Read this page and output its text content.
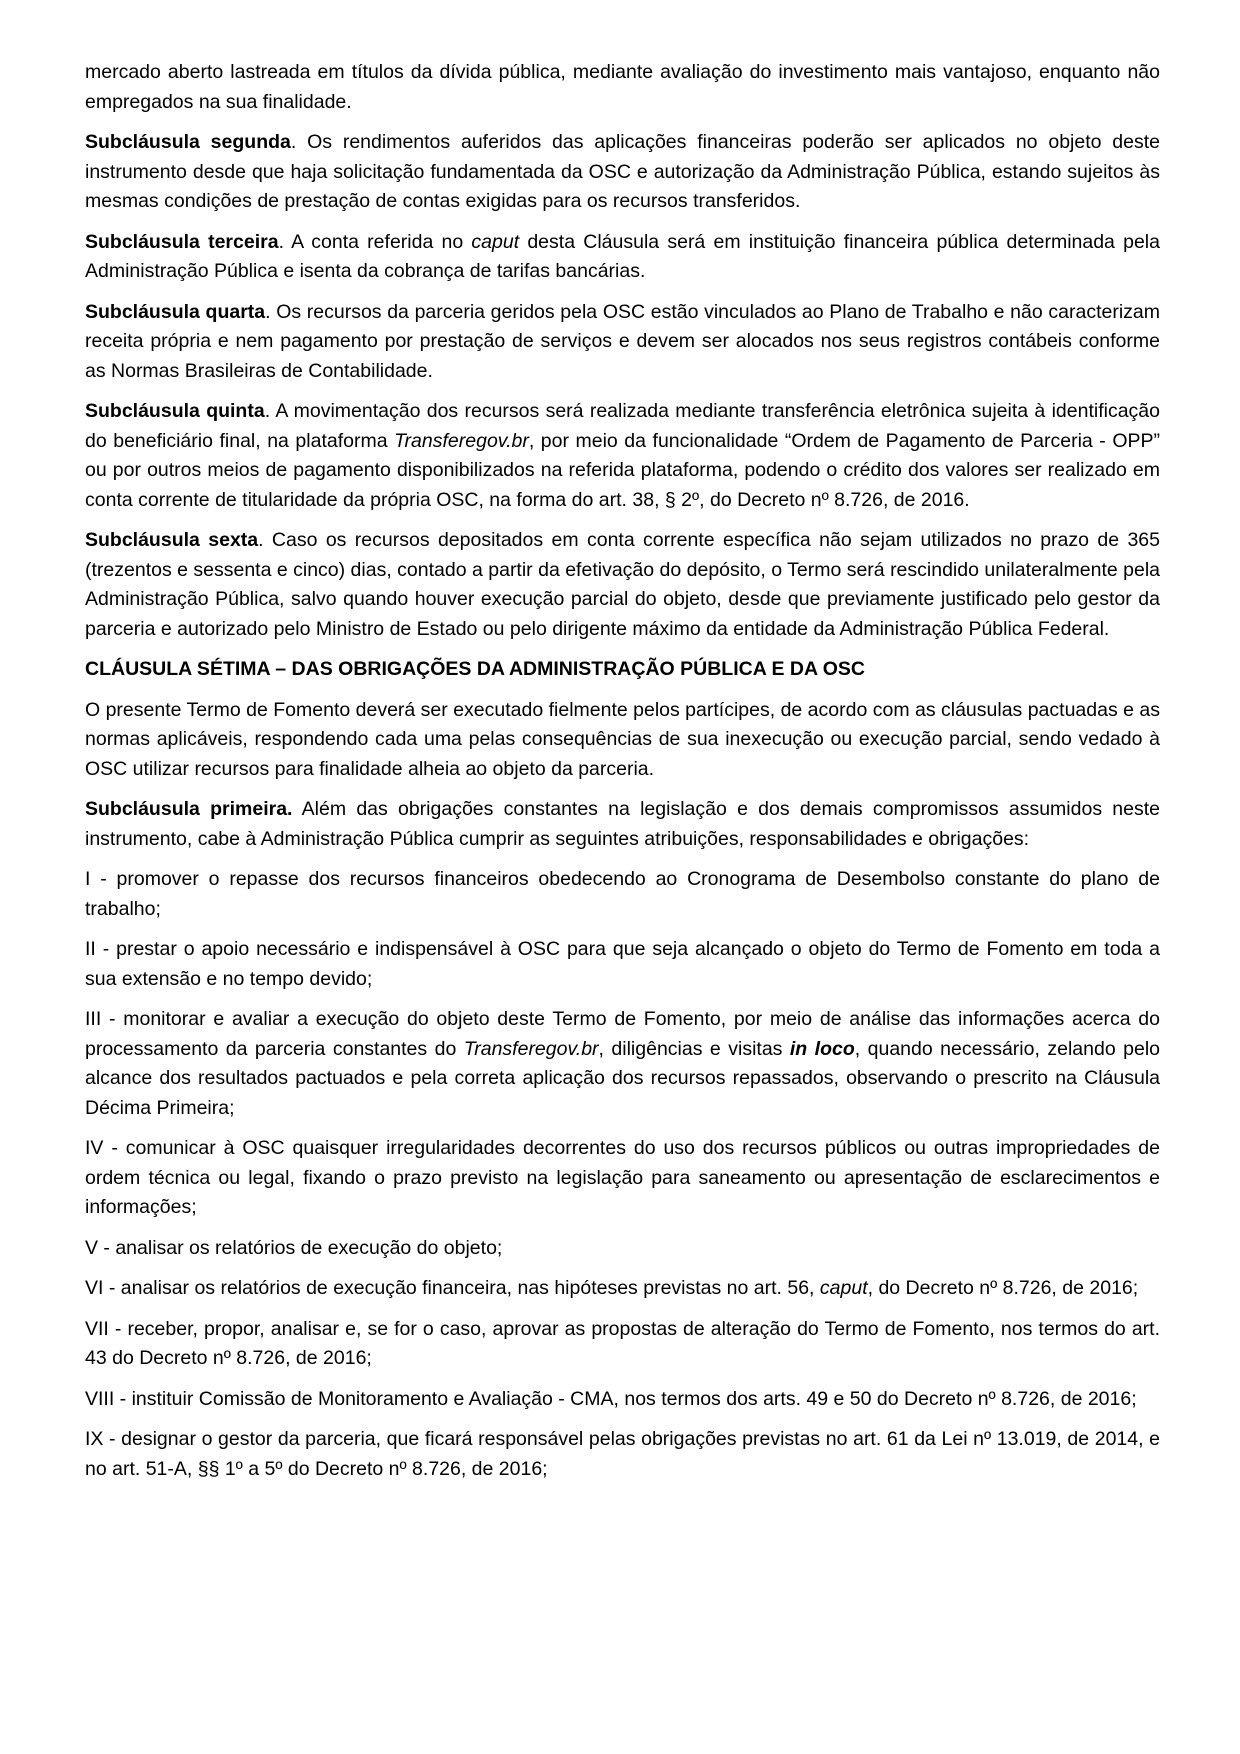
mercado aberto lastreada em títulos da dívida pública, mediante avaliação do investimento mais vantajoso, enquanto não empregados na sua finalidade.

Subcláusula segunda. Os rendimentos auferidos das aplicações financeiras poderão ser aplicados no objeto deste instrumento desde que haja solicitação fundamentada da OSC e autorização da Administração Pública, estando sujeitos às mesmas condições de prestação de contas exigidas para os recursos transferidos.

Subcláusula terceira. A conta referida no caput desta Cláusula será em instituição financeira pública determinada pela Administração Pública e isenta da cobrança de tarifas bancárias.

Subcláusula quarta. Os recursos da parceria geridos pela OSC estão vinculados ao Plano de Trabalho e não caracterizam receita própria e nem pagamento por prestação de serviços e devem ser alocados nos seus registros contábeis conforme as Normas Brasileiras de Contabilidade.

Subcláusula quinta. A movimentação dos recursos será realizada mediante transferência eletrônica sujeita à identificação do beneficiário final, na plataforma Transferegov.br, por meio da funcionalidade “Ordem de Pagamento de Parceria - OPP” ou por outros meios de pagamento disponibilizados na referida plataforma, podendo o crédito dos valores ser realizado em conta corrente de titularidade da própria OSC, na forma do art. 38, § 2º, do Decreto nº 8.726, de 2016.

Subcláusula sexta. Caso os recursos depositados em conta corrente específica não sejam utilizados no prazo de 365 (trezentos e sessenta e cinco) dias, contado a partir da efetivação do depósito, o Termo será rescindido unilateralmente pela Administração Pública, salvo quando houver execução parcial do objeto, desde que previamente justificado pelo gestor da parceria e autorizado pelo Ministro de Estado ou pelo dirigente máximo da entidade da Administração Pública Federal.

CLÁUSULA SÉTIMA – DAS OBRIGAÇÕES DA ADMINISTRAÇÃO PÚBLICA E DA OSC

O presente Termo de Fomento deverá ser executado fielmente pelos partícipes, de acordo com as cláusulas pactuadas e as normas aplicáveis, respondendo cada uma pelas consequências de sua inexecução ou execução parcial, sendo vedado à OSC utilizar recursos para finalidade alheia ao objeto da parceria.

Subcláusula primeira. Além das obrigações constantes na legislação e dos demais compromissos assumidos neste instrumento, cabe à Administração Pública cumprir as seguintes atribuições, responsabilidades e obrigações:

I - promover o repasse dos recursos financeiros obedecendo ao Cronograma de Desembolso constante do plano de trabalho;

II - prestar o apoio necessário e indispensável à OSC para que seja alcançado o objeto do Termo de Fomento em toda a sua extensão e no tempo devido;

III - monitorar e avaliar a execução do objeto deste Termo de Fomento, por meio de análise das informações acerca do processamento da parceria constantes do Transferegov.br, diligências e visitas in loco, quando necessário, zelando pelo alcance dos resultados pactuados e pela correta aplicação dos recursos repassados, observando o prescrito na Cláusula Décima Primeira;

IV - comunicar à OSC quaisquer irregularidades decorrentes do uso dos recursos públicos ou outras impropriedades de ordem técnica ou legal, fixando o prazo previsto na legislação para saneamento ou apresentação de esclarecimentos e informações;

V - analisar os relatórios de execução do objeto;

VI - analisar os relatórios de execução financeira, nas hipóteses previstas no art. 56, caput, do Decreto nº 8.726, de 2016;

VII - receber, propor, analisar e, se for o caso, aprovar as propostas de alteração do Termo de Fomento, nos termos do art. 43 do Decreto nº 8.726, de 2016;

VIII - instituir Comissão de Monitoramento e Avaliação - CMA, nos termos dos arts. 49 e 50 do Decreto nº 8.726, de 2016;

IX - designar o gestor da parceria, que ficará responsável pelas obrigações previstas no art. 61 da Lei nº 13.019, de 2014, e no art. 51-A, §§ 1º a 5º do Decreto nº 8.726, de 2016;
